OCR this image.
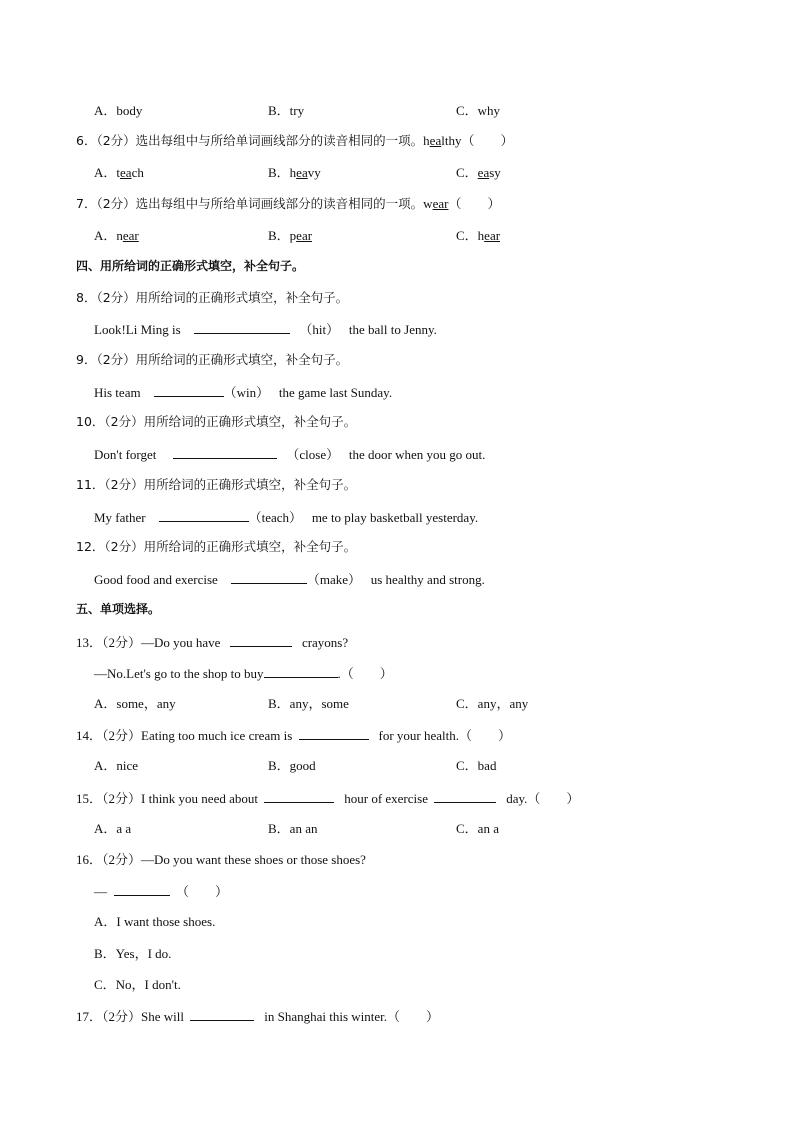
A．body	B．try	C．why
6．（2分）选出每组中与所给单词画线部分的读音相同的一项。healthy（　　）
A．teach	B．heavy	C．easy
7．（2分）选出每组中与所给单词画线部分的读音相同的一项。wear（　　）
A．near	B．pear	C．hear
四、用所给词的正确形式填空，补全句子。
8．（2分）用所给词的正确形式填空，补全句子。
Look!Li Ming is	（hit） the ball to Jenny.
9．（2分）用所给词的正确形式填空，补全句子。
His team	（win） the game last Sunday.
10．（2分）用所给词的正确形式填空，补全句子。
Don't forget	（close） the door when you go out.
11．（2分）用所给词的正确形式填空，补全句子。
My father	（teach） me to play basketball yesterday.
12．（2分）用所给词的正确形式填空，补全句子。
Good food and exercise	（make） us healthy and strong.
五、单项选择。
13．（2分）—Do you have	crayons?
—No.Let's go to the shop to buy	.（　　）
A．some，any	B．any，some	C．any，any
14．（2分）Eating too much ice cream is	for your health.（　　）
A．nice	B．good	C．bad
15．（2分）I think you need about	hour of exercise	day.（　　）
A．a a	B．an an	C．an a
16．（2分）—Do you want these shoes or those shoes?
—	（　　）
A．I want those shoes.
B．Yes，I do.
C．No，I don't.
17．（2分）She will	in Shanghai this winter.（　　）
